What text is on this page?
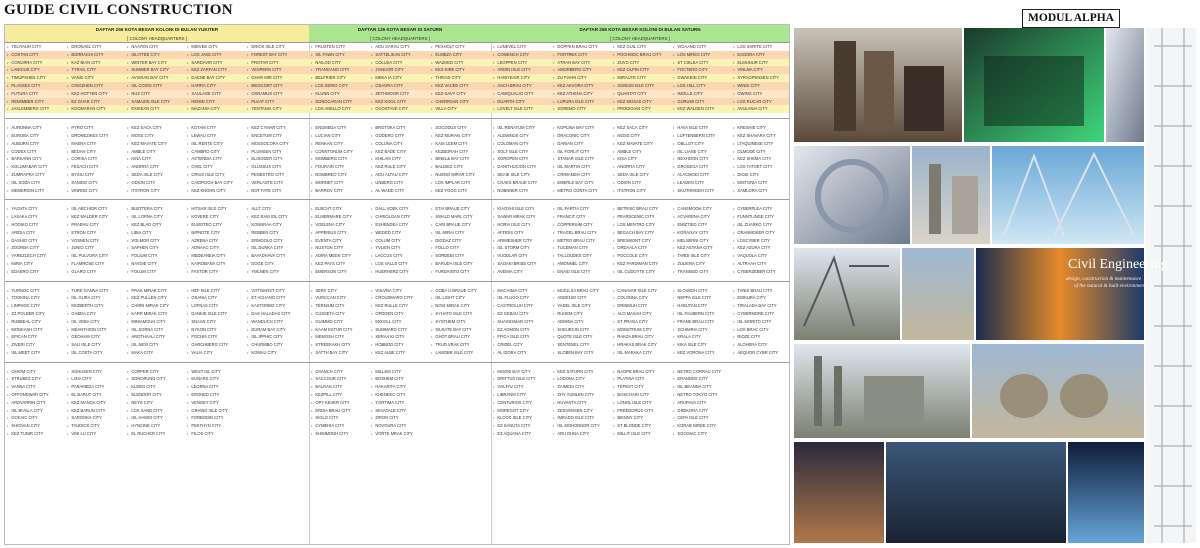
GUIDE CIVIL CONSTRUCTION	MODUL ALPHA
DAFTAR 256 KOTA BESAR KOLONI DI BULAN YUKITER
[ COLONY HEADQUARTERS ]
DAFTAR 126 KOTA BESAR DI SATURN
[ COLONY HEADQUARTERS ]
DAFTAR 256 KOTA BESAR KOLONI DI BULAN SATURN
[ COLONY HEADQUARTERS ]
• YEUYAUH CITY	• DRONAEL CITY	• NAAYEN CITY	• MIDVEE CITY	• DRIOX ISLE CITY	• FRUSTEN CITY	• ADU SARAU CITY	• PEXHOLT CITY	• LUNEVEL CITY	• DOPPEN BRAU CITY	• KEZ GUIL CITY	• VIGAAND CITY	• LOS SHRITE CITY
• COSTAN CITY	• BORRACHI CITY	• ISLIYTEE CITY	• LOS JAKE CITY	• FOREST BAY CITY	• XIL FAWN CITY	• SATTELIKAN CITY	• ELMEZA CITY	• COMENCH CITY	• FORTREX CITY	• POCHMOC BRAU CITY	• LOS MIRES CITY	• EXOORA CITY
• CONURRA CITY	• KAZ BIAN CITY	• WINTER BAY CITY	• SARDAVIR CITY	• PROTAR CITY	• NAILOD CITY	• COLUSA CITY	• WAZHED CITY	• LEOPPEN CITY	• ATRAN BAY CITY	• ZUVO CITY	• ST CIKLEA CITY	• ELMUNUR CITY
• LANGIUS CITY	• TYRAIL CITY	• SUMMER BAY CITY	• KEZ ZARFAN CITY	• VESPERN CITY	• YRANGANO CITY	• JIANUOR CITY	• KEZ-KIRE CITY	• ARDIN ISLE CITY	• AMORBERG CITY	• KEZ OLPIN CITY	• FOCTERO CITY	• VINLMA CITY
• TIMUPSHEN CITY	• VANSI CITY	• AVIARAN BAY CITY	• DAENE BAY CITY	• GHAR MIR CITY	• BELFRIER CITY	• MEKA IA CITY	• THRAIX CITY	• HANIYEAIR CITY	• ZU FIAHN CITY	• MIRAUTE CITY	• GWAKEIN CITY	• XYRAOPENSEN CITY
• PLASSES CITY	• CINGZHEN CITY	• ISL COIOS CITY	• HARRA CITY	• BIESCORT CITY	• LOS SERIO CITY	• OSAORA CITY	• KEZ VACEE CITY	• ASCH BRAU CITY	• KEZ AKVORA CITY	• SONIUM ISLE CITY	• LOS HILL CITY	• WINDI CITY
• FUTURA CITY	• KEZ HOTTEN CITY	• NUZ CITY	• XAULAGE CITY	• OXNAMUS CITY	• KLUNN CITY	• ZETHMOOR CITY	• KEZ-SAVY CITY	• CAMIQUALIO CITY	• KEZ ATHENA CITY	• QUANTAT CITY	• IMOLLE CITY	• OWING CITY
• REMIMBER CITY	• EZ GHAR CITY	• XAMAZIN ISLE CITY	• HEMIN CITY	• PLKAT CITY	• SONOCARAN CITY	• KEZ KOOL CITY	• CHERRSAN CITY	• DUARTH CITY	• LUPURA ISLE CITY	• KEZ MOSAS CITY	• GURUMI CITY	• LOS RUCAR CITY
• JAXLEMBERG CITY	• KOOMARAN CITY	• EXIKEAN CITY	• MAZANIA CITY	• YENTANIA CITY	• LOS ANELLO CITY	• OCOSTAVE CITY	• VILLA CITY	• LOVELT ISLE CITY	• SOREMO CITY	• PRODIGIAN CITY	• KEZ WALDEN CITY	• AVULANIA CITY
• AURUNNA CITY	• PYRO CITY	• KEZ SACA CITY	• KOTAM CITY	• KEZ CYMAR CITY	• ENOMEDA CITY	• BROTOKA CITY	• SOCODUS CITY	• ISL RENATUM CITY	• KOPLINA BAY CITY	• KEZ SACA CITY	• HAVA ISLE CITY	• KRESHIE CITY
• EUROBA CITY	• DRONEZIKES CITY	• MOSS CITY	• LEWAU CITY	• ENCETUM CITY	• LUCIAN CITY	• GODERO CITY	• KEZ MURAKI CITY	• ALEMINUS CITY	• DRACONIC CITY	• MOSS CITY	• LUFTENBERN CITY	• KEZ SHAVARA CITY
• AUBURN CITY	• MAERA CITY	• KEZ MAYATE CITY	• ISL RENTE CITY	• MOSSOCORA CITY	• RENKAN CITY	• COLUNA CITY	• KAIS LEEM CITY	• COLOMAN CITY	• DARIAN CITY	• KEZ MAVATE CITY	• OBLLOT CITY	• LTAQUINESE CITY
• CODEX CITY	• BEDAH CITY	• AMBLE CITY	• CAMBRO CITY	• PLUMSEN CITY	• CONNTONUM CITY	• KEZ BADE CITY	• KEZBORAH CITY	• SOLT ISLE CITY	• ISL FORLIT CITY	• AMBLE CITY	• ISL LIANE CITY	• OLMODE CITY
• BARKANN CITY	• CORISA CITY	• KINA CITY	• ASTENDIA CITY	• ELISODER CITY	• MOMBERG CITY	• KHILAM CITY	• BINEL& BAY CITY	• XOROPEN CITY	• STANAR ISLE CITY	• KISA CITY	• NEXHOON CITY	• KEZ SHEMA CITY
• KOLUMABAR CITY	• FESACH CITY	• ANORRA CITY	• OVEL CITY	• GLUSSUS CITY	• FOURAIN CITY	• KEZ RULE CITY	• BALDIEZ CITY	• DANITHUCION CITY	• ISL MARTIN CITY	• ANORRA CITY	• GROSEGA CITY	• LOS TATOET CITY
• ZUMRAPRA CITY	• BYSIU CITY	• SEDA ISLE CITY	• CRIUS ISLE CITY	• PENESTRO CITY	• NOMBREO CITY	• ADU ALTAU CITY	• NUENO MIRAR CITY	• SEAIE ISLE CITY	• CRIMANDIA CITY	• SEDA ISLE CITY	• ALACMODI CITY	• DIOSI CITY
• ISL SODA CITY	• SANIDO CITY	• ODION CITY	• CAIDROGH BAY CITY	• VERLASTE CITY	• MORNET CITY	• UNBERG CITY	• LOS IMPLAR CITY	• CHAES BRAUE CITY	• EMERLE BAY CITY	• ODION CITY	• LEADEN CITY	• MISTONIA CITY
• MEMERION CITY	• VINROD CITY	• ITSTRON CITY	• KEZ KNOHN CITY	• NOT FATE CITY	• BARROV CITY	• AL WADD CITY	• KEZ YOGG CITY	• NOBNNER CITY	• METRO CONTA CITY	• ITSTRON CITY	• SKUTHMODH CITY	• SAMLORA CITY
• YACHTA CITY	• ISL ABCHIOR CITY	• BLETTERA CITY	• HITSAR ISLE CITY	• ALLT CITY	• ELBCHT CITY	• DALL VOEK CITY	• ETAI BRAUE CITY	• KIAOSHI ISLE CITY	• ISL PARTIA CITY	• BETRISC BRAU CITY	• CANSMOOH CITY	• CYBERPLEA CITY
• LASAKA CITY	• KEZ MALDER CITY	• ISL LORNA CITY	• KOVERE CITY	• KEZ RAM IOL CITY	• ELMERMARE CITY	• CHRIOLOAN CITY	• SWALD MARL CITY	• SAWAR MRAK CITY	• FRANCIT CITY	• PEARSCENIC CITY	• ACVARENA CITY	• FUNNTLINGE CITY
• HOOIKO CITY	• PRAEHU CITY	• KEZ BLAD CITY	• ELWOTEO CITY	• KONNRAA CITY	• VOELENA CITY	• ESHENDEA CITY	• CARI BRAUE CITY	• HORIA ISLE CITY	• COPPERIUM CITY	• LOS MENTRO CITY	• EMIZTIEG CITY	• ISL ZUARKO CITY
• ARIDIA CITY	• ETRON CITY	• LIBIA CITY	• NIPNOTE CITY	• REBBEN CITY	• APPERIUS CITY	• WEDED CITY	• ISL MIRAI CITY	• AFFIDIS CITY	• TRAGEL BRAU CITY	• BEGACH BAY CITY	• KORAIXAY CITY	• GRANMOKER CITY
• DASHIO CITY	• VOSNEN CITY	• VOLMOR CITY	• AZRENA CITY	• ERMOOLO CITY	• EVENTA CITY	• COLUM CITY	• DIGDAZ CITY	• ARIMESHER CITY	• METRO BRAU CITY	• BRESMONT CITY	• MELSERNI CITY	• LOSCYBER CITY
• ZOORBA CITY	• JUNIO CITY	• SAPHEN CITY	• ADNAAC CITY	• ISL DUNKA CITY	• NUSTON CITY	• YVLIEN CITY	• FOLLO CITY	• ISL STORM CITY	• TUCEMAN CITY	• ORDAALA CITY	• KEZ ASTANA CITY	• KEZ AZURA CITY
• YAREZLECH CITY	• ISL PULVORA CITY	• FOLIUM CITY	• MEDEANEIA CITY	• BAYADHAVA CITY	• ADIRA MEEK CITY	• LACCUS CITY	• SORDEBI CITY	• VUODLAR CITY	• TALLOUDES CITY	• POCCOLE CITY	• TARDI ISLE CITY	• VAQUOLA CITY
• MIRIA CITY	• FLAMROSE CITY	• NAYDIE CITY	• KAIROBANA CITY	• DOGE CITY	• KEZ PAYS CITY	• LOS VALLE CITY	• BARUDA ISLE CITY	• SAOAKI BRISE CITY	• AMONNEL CITY	• KEZ FARDIMAN CITY	• ZULIENA CITY	• ALTRAAH CITY
• EDAERO CITY	• GLARO CITY	• FOLUM CITY	• FASTOR CITY	• YMLNEN CITY	• EMERSON CITY	• HUERHERZ CITY	• FURDAINTO CITY	• AVEMIA CITY	• ENAID ISLE CITY	• ISL CUDOYTE CITY	• TRANSIED CITY	• CYBERZEBER CITY
• YURNOC CITY	• TURE GANNA CITY	• PRAK MIRAK CITY	• HEF ISLE CITY	• VOTWARST CITY	• SERV CITY	• VOLVNA CITY	• GOBA U BRAUE CITY	• MACHINIA CITY	• KEZULSA BRAU CITY	• CANAVAR ISLE CITY	• SLOVEDH CITY	• TANUI BRAU CITY
• TOOKINA CITY	• ISL GURA CITY	• KEZ PULLEN CITY	• OSANIA CITY	• ET ACHANO CITY	• VURCCAN CITY	• CROUDMARO CITY	• ISL LIGHT CITY	• ISL FLUGO CITY	• ANDENIO CITY	• COLONNA CITY	• NEPPA ISLE CITY	• EDIKURA CITY
• LINPHOC CITY	• KEZBERTH CITY	• CHIRN MIRAK CITY	• LOFNAS CITY	• KASTORBIZ CITY	• TERNIUM CITY	• KEZ RULLE CITY	• NOVI MIRAK CITY	• CASTROLUH CITY	• VADEL ISLE CITY	• DRINMUH CITY	• HABUTAN CITY	• TIRALADA BAY CITY
• ZZ POLDER CITY	• GABDA CITY	• KARR MIRAK CITY	• DANKIE ISLE CITY	• DAS HALADAS CITY	• CUSSETA CITY	• OPDOEN CITY	• SYHATO ISLE CITY	• EZ GEBAU CITY	• RUHEM CITY	• ALO MASAH CITY	• ISL FAUBERN CITY	• CYBERMORE CITY
• RUBBEAL CITY	• ISL VEBA CITY	• MINIAMOUH CITY	• SNAAN CITY	• WANDUCH CITY	• GUIMMO CITY	• MIXVILL CITY	• SYSTHEM CITY	• SHASSSMAR CITY	• ADMINA CITY	• ST PRANA CITY	• FRANE BRAU CITY	• ISL MORITO CITY
• MONKASH CITY	• MEANTHION CITY	• ISL SORNA CITY	• NYKON CITY	• DURAM BAY CITY	• KAAM ESTUR CITY	• SUMMARO CITY	• SILRATE BAY CITY	• EZ AOMON CITY	• SHEURCIN CITY	• MONSTRUM CITY	• SCHIMRIA CITY	• LOS BRAC CITY
• EPICAN CITY	• GEOHAM CITY	• ARGTHAALI CITY	• FOCHIS CITY	• ISL IPPHIC CITY	• MEMOSH CITY	• XERAA KI CITY	• GHOT BRAU CITY	• FFICA ISLE CITY	• QUOTE ISLE CITY	• RAKZA BRAU CITY	• KRALA CITY	• RIOZE CITY
• ZIVERI CITY	• SALI ISLE CITY	• ISL NESI CITY	• GARCHBERG CITY	• CHURMBO CITY	• STREEKAKH CITY	• HOBBOD CITY	• TRUD VRAK CITY	• CRIDEL CITY	• SENTENEL CITY	• HRAKAS BRAK CITY	• KIKA ISLE CITY	• ALOHERA CITY
• ISL MEET CITY	• ISL COSTA CITY	• MAKA CITY	• VALIA CITY	• KOMAU CITY	• SATTH BAY CITY	• KEZ ALBE CITY	• LAMOBR ISLE CITY	• AL IDORA CITY	• SLOBEN BAY CITY	• ISL MARAKA CITY	• KEZ VORONA CITY	• AEQUOR CYBR CITY
• OHIOM CITY	• SOHUSEN CITY	• COPPER CITY	• WEST ISL CITY	• OVANCH CITY	• MILLEM CITY	• MOONI BAY CITY	• KEZ SATURN CITY	• NAOPE BRAU CITY	• NETRO CORRAU CITY
• STRUBEZ CITY	• LIXIA CITY	• SONORUNN CITY	• EUNARS CITY	• SACCOUR CITY	• BOSHEM CITY	• DRITTUS ISLE CITY	• LODONA CITY	• PLATINA CITY	• ERANNOS CITY
• VANNA CITY	• PARAMEDA CITY	• KLEBO CITY	• LEORNA CITY	• BALRAN CITY	• HAKARITA CITY	• VOLFAV CITY	• ZAIMEDI CITY	• TEPEST CITY	• ISL BEANNA CITY
• OFFONDWAR CITY	• EL BARUT CITY	• ELENDOR CITY	• ERONED CITY	• KEZPILL CITY	• KHENEEC CITY	• LIBRANM CITY	• ZHY YUMLEN CITY	• BOSCHARI CITY	• NETRO TOKYO CITY
• ARDVARRIN CITY	• KEZ MANOA CITY	• NEYS CITY	• VENGEY CITY	• OPY KEVER CITY	• YORTIMA CITY	• CENTURIOS CITY	• HUVANTA CITY	• LONOL ISLE CITY	• ARUPAVA CITY
• ISL BIVALA CITY	• KEZ BARUN CITY	• LOS SAND CITY	• GRIAND ISLE CITY	• ERDIA BRAU CITY	• SEVATALE CITY	• MOREGOT CITY	• ZEDVENSEN CITY	• FREEDORUS CITY	• GREKORA CITY
• GOKAIC CITY	• SAROOKA CITY	• ISL HAWIO CITY	• FORBODIN CITY	• SIOLO CITY	• ZIRON CITY	• KLOOS ISLE CITY	• IMRADO ISLE CITY	• BIKNNY CITY	• CEPA ISLE CITY
• SHIOVAN CITY	• TAUDIOS CITY	• HYNCINE CITY	• PEKTHYN CITY	• CYMEHIA CITY	• NOVOURA CITY	• EZ SANUTA CITY	• ISL MOHONNOR CITY	• ST BLONDE CITY	• KORAB NIRDE CITY
• KEZ TUNIR CITY	• VINI LU CITY	• EL RUCHER CITY	• FILOS CITY	• SHIMMODH CITY	• VORTE MRAK CITY	• EZ AQUANA CITY	• ARU DHNA CITY	• MILLIT ISLE CITY	• SOCIMAC CITY
Civil Engineering
design, construction & maintenance
of the natural & built environment
